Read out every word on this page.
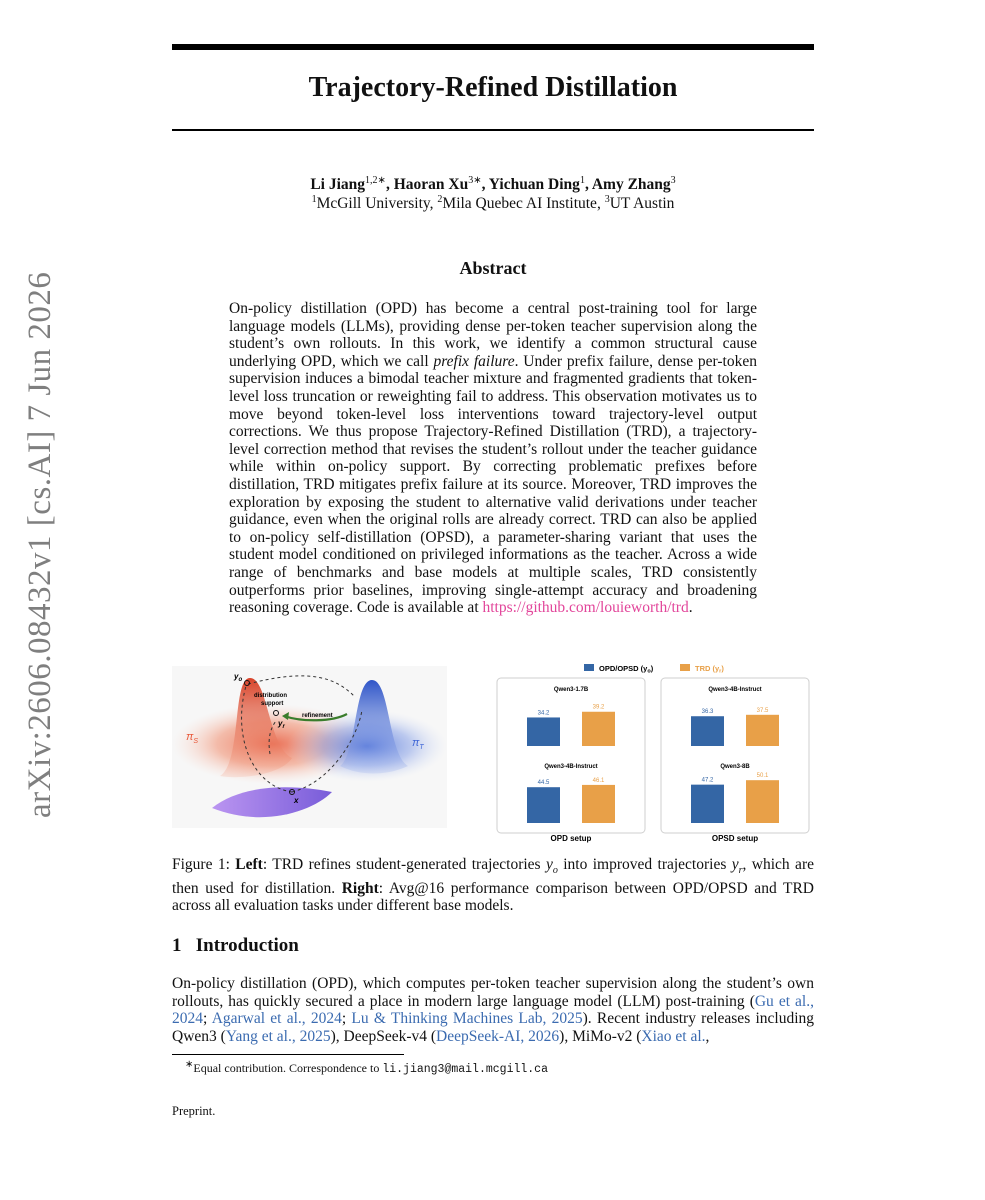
Trajectory-Refined Distillation
Li Jiang$^{1,2∗}$, Haoran $Xu^{3∗}$, Yichuan Ding$^1$, Amy Zhang$^3$
$^1$McGill University, $^2$Mila Quebec AI Institute, $^3$UT Austin
Abstract
On-policy distillation (OPD) has become a central post-training tool for large language models (LLMs), providing dense per-token teacher supervision along the student’s own rollouts. In this work, we identify a common structural cause underlying OPD, which we call prefix failure. Under prefix failure, dense per-token supervision induces a bimodal teacher mixture and fragmented gradients that token-level loss truncation or reweighting fail to address. This observation motivates us to move beyond token-level loss interventions toward trajectory-level output corrections. We thus propose Trajectory-Refined Distillation (TRD), a trajectory-level correction method that revises the student’s rollout under the teacher guidance while within on-policy support. By correcting problematic prefixes before distillation, TRD mitigates prefix failure at its source. Moreover, TRD improves the exploration by exposing the student to alternative valid derivations under teacher guidance, even when the original rolls are already correct. TRD can also be applied to on-policy self-distillation (OPSD), a parameter-sharing variant that uses the student model conditioned on privileged informations as the teacher. Across a wide range of benchmarks and base models at multiple scales, TRD consistently outperforms prior baselines, improving single-attempt accuracy and broadening reasoning coverage. Code is available at https://github.com/louieworth/trd.
arXiv:2606.08432v1 [cs.AI] 7 Jun 2026	$y_o$
$y_r$
x
distribution
support
refinement
$\pi_S$	$\pi_T$
OPD/OPSD $(y_o)$	TRD $(y_r)$
Qwen3-1.7B
34.2
39.2
Qwen3-4B-Instruct
44.5	46.1
Qwen3-4B-Instruct
36.3	37.5
Qwen3-8B
47.2
50.1
OPD setup	OPSD setup
Figure 1: Left: TRD refines student-generated trajectories $y_o$ into improved trajectories $y_r$, which are then used for distillation. Right: Avg@16 performance comparison between OPD/OPSD and TRD across all evaluation tasks under different base models.
1 Introduction
On-policy distillation (OPD), which computes per-token teacher supervision along the student’s own rollouts, has quickly secured a place in modern large language model (LLM) post-training (Gu et al., 2024; Agarwal et al., 2024; Lu & Thinking Machines Lab, 2025). Recent industry releases including Qwen3 (Yang et al., 2025), DeepSeek-v4 (DeepSeek-AI, 2026), MiMo-v2 (Xiao et al.,
∗Equal contribution. Correspondence to li.jiang3@mail.mcgill.ca
Preprint.
